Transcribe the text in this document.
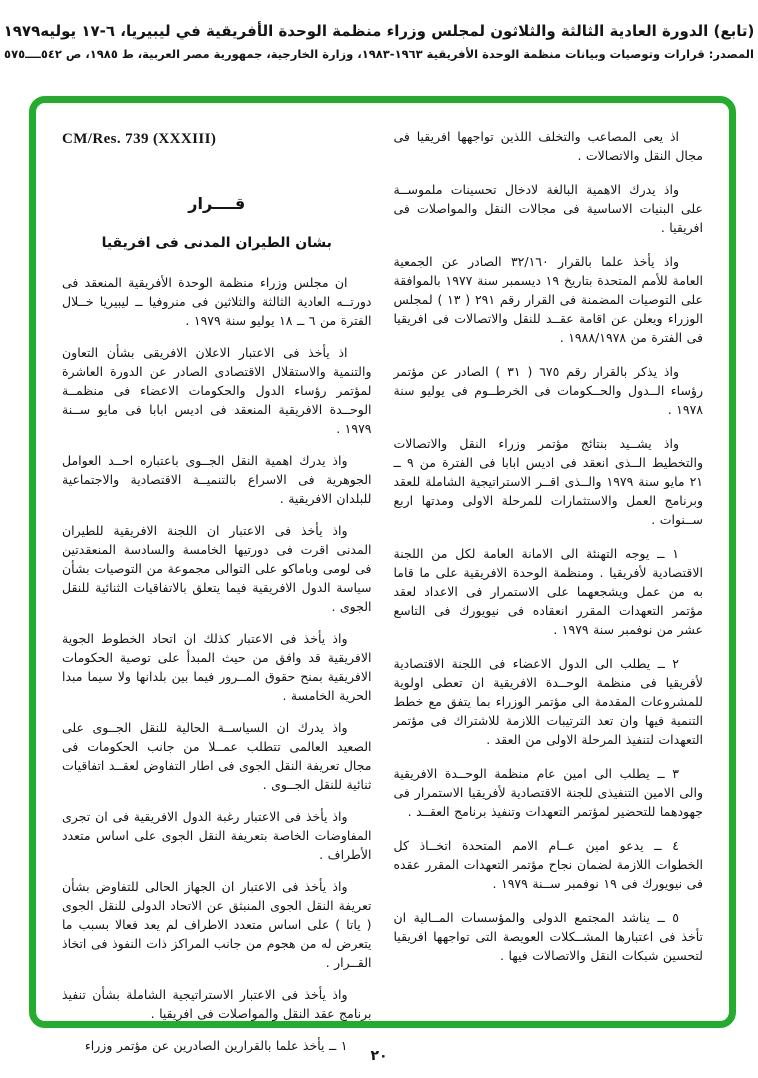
(تابع) الدورة العادية الثالثة والثلاثون لمجلس وزراء منظمة الوحدة الأفريقية في ليبيريا، ٦-١٧ يوليه١٩٧٩
المصدر: قرارات وتوصيات وبيانات منظمة الوحدة الأفريقية ١٩٦٣-١٩٨٣، وزارة الخارجية، جمهورية مصر العربية، ط ١٩٨٥، ص ٥٤٢ــــ٥٧٥
CM/Res. 739 (XXXIII)
قــــرار
بشان الطيران المدنى فى افريقيا

ان مجلس وزراء منظمة الوحدة الأفريقية المنعقد فى دورتــه العادية الثالثة والثلاثين فى منروفيا ــ ليبيريا خــلال الفترة من ٦ ــ ١٨ يوليو سنة ١٩٧٩ .

اذ يأخذ فى الاعتبار الاعلان الافريقى بشأن التعاون والتنمية والاستقلال الاقتصادى الصادر عن الدورة العاشرة لمؤتمر رؤساء الدول والحكومات الاعضاء فى منظمــة الوحــدة الافريقية المنعقد فى اديس ابابا فى مايو ســنة ١٩٧٩ .

واذ يدرك اهمية النقل الجــوى باعتباره احــد العوامل الجوهرية فى الاسراع بالتنميــة الاقتصادية والاجتماعية للبلدان الافريقية .

واذ يأخذ فى الاعتبار ان اللجنة الافريقية للطيران المدنى اقرت فى دورتيها الخامسة والسادسة المنعقدتين فى لومى وباماكو على التوالى مجموعة من التوصيات بشأن سياسة الدول الافريقية فيما يتعلق بالاتفاقيات الثنائية للنقل الجوى .

واذ يأخذ فى الاعتبار كذلك ان اتحاد الخطوط الجوية الافريقية قد وافق من حيث المبدأ على توصية الحكومات الافريقية بمنح حقوق المــرور فيما بين بلدانها ولا سيما مبدا الحرية الخامسة .

واذ يدرك ان السياســة الحالية للنقل الجــوى على الصعيد العالمى تتطلب عمــلا من جانب الحكومات فى مجال تعريفة النقل الجوى فى اطار التفاوض لعقــد اتفاقيات ثنائية للنقل الجــوى .

واذ يأخذ فى الاعتبار رغبة الدول الافريقية فى ان تجرى المفاوضات الخاصة بتعريفة النقل الجوى على اساس متعدد الأطراف .

واذ يأخذ فى الاعتبار ان الجهاز الحالى للتفاوض بشأن تعريفة النقل الجوى المنبثق عن الاتحاد الدولى للنقل الجوى ( ياتا ) على اساس متعدد الاطراف لم يعد فعالا بسبب ما يتعرض له من هجوم من جانب المراكز ذات النفوذ فى اتخاذ القــرار .

واذ يأخذ فى الاعتبار الاستراتيجية الشاملة بشأن تنفيذ برنامج عقد النقل والمواصلات فى افريقيا .

١ ــ يأخذ علما بالقرارين الصادرين عن مؤتمر وزراء

اذ يعى المصاعب والتخلف اللذين تواجهها افريقيا فى مجال النقل والاتصالات .

واذ يدرك الاهمية البالغة لادخال تحسينات ملموســة على البنيات الاساسية فى مجالات النقل والمواصلات فى افريقيا .

واذ يأخذ علما بالقرار ٣٢/١٦٠ الصادر عن الجمعية العامة للأمم المتحدة بتاريخ ١٩ ديسمبر سنة ١٩٧٧ بالموافقة على التوصيات المضمنة فى القرار رقم ٢٩١ ( ١٣ ) لمجلس الوزراء ويعلن عن اقامة عقــد للنقل والاتصالات فى افريقيا فى الفترة من ١٩٨٨/١٩٧٨ .

واذ يذكر بالقرار رقم ٦٧٥ ( ٣١ ) الصادر عن مؤتمر رؤساء الــدول والحــكومات فى الخرطــوم فى يوليو سنة ١٩٧٨ .

واذ يشــيد بنتائج مؤتمر وزراء النقل والاتصالات والتخطيط الــذى انعقد فى اديس ابابا فى الفترة من ٩ ــ ٢١ مايو سنة ١٩٧٩ والــذى اقــر الاستراتيجية الشاملة للعقد وبرنامج العمل والاستثمارات للمرحلة الاولى ومدتها اربع ســنوات .

١ ــ يوجه التهنئة الى الامانة العامة لكل من اللجنة الاقتصادية لأفريقيا . ومنظمة الوحدة الافريقية على ما قاما به من عمل ويشجعهما على الاستمرار فى الاعداد لعقد مؤتمر التعهدات المقرر انعقاده فى نيويورك فى التاسع عشر من نوفمبر سنة ١٩٧٩ .

٢ ــ يطلب الى الدول الاعضاء فى اللجنة الاقتصادية لأفريقيا فى منظمة الوحــدة الافريقية ان تعطى اولوية للمشروعات المقدمة الى مؤتمر الوزراء بما يتفق مع خطط التنمية فيها وان تعد الترتيبات اللازمة للاشتراك فى مؤتمر التعهدات لتنفيذ المرحلة الاولى من العقد .

٣ ــ يطلب الى امين عام منظمة الوحــدة الافريقية والى الامين التنفيذى للجنة الاقتصادية لأفريقيا الاستمرار فى جهودهما للتحضير لمؤتمر التعهدات وتنفيذ برنامج العقــد .

٤ ــ يدعو امين عــام الامم المتحدة اتخــاذ كل الخطوات اللازمة لضمان نجاح مؤتمر التعهدات المقرر عقده فى نيويورك فى ١٩ نوفمبر ســنة ١٩٧٩ .

٥ ــ يناشد المجتمع الدولى والمؤسسات المــالية ان تأخذ فى اعتبارها المشــكلات العويصة التى تواجهها افريقيا لتحسين شبكات النقل والاتصالات فيها .

٢٠
